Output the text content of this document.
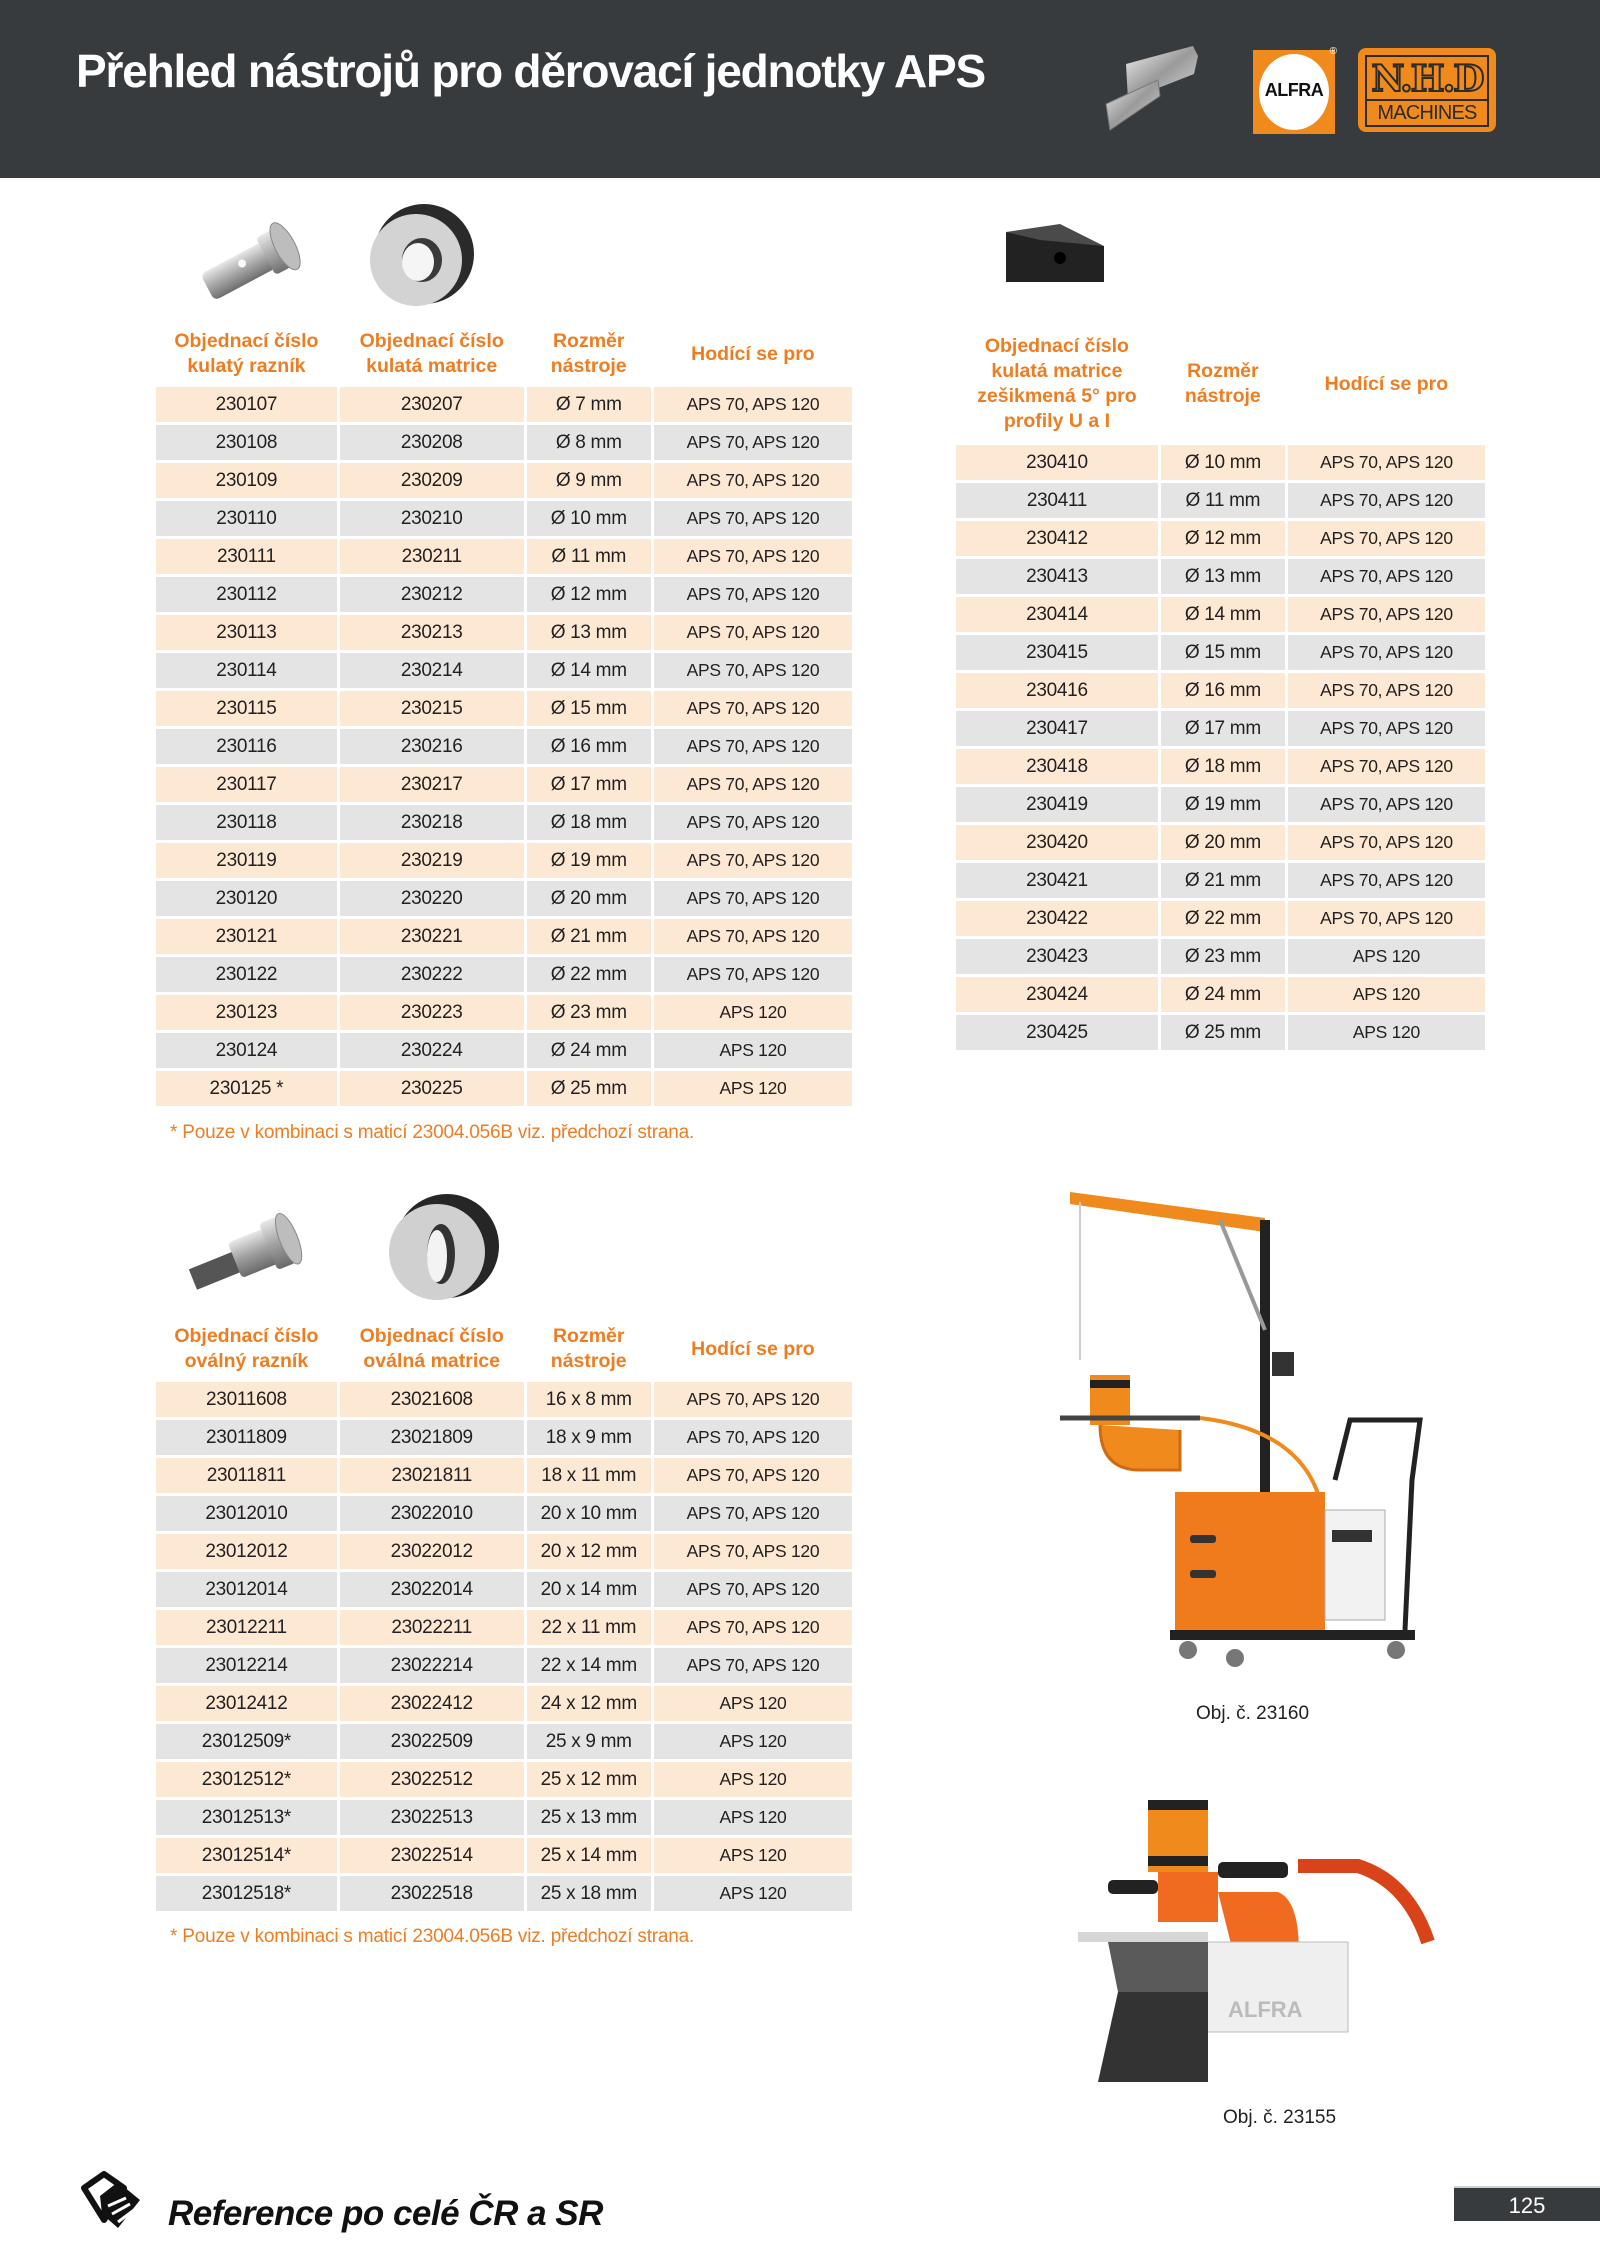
Přehled nástrojů pro děrovací jednotky APS	ALFRA
®
N.H.D
MACHINES
Objednací číslo
kulatý razník	Objednací číslo
kulatá matrice	Rozměr
nástroje	Hodící se pro
230107	230207	Ø 7 mm	APS 70, APS 120
230108	230208	Ø 8 mm	APS 70, APS 120
230109	230209	Ø 9 mm	APS 70, APS 120
230110	230210	Ø 10 mm	APS 70, APS 120
230111	230211	Ø 11 mm	APS 70, APS 120
230112	230212	Ø 12 mm	APS 70, APS 120
230113	230213	Ø 13 mm	APS 70, APS 120
230114	230214	Ø 14 mm	APS 70, APS 120
230115	230215	Ø 15 mm	APS 70, APS 120
230116	230216	Ø 16 mm	APS 70, APS 120
230117	230217	Ø 17 mm	APS 70, APS 120
230118	230218	Ø 18 mm	APS 70, APS 120
230119	230219	Ø 19 mm	APS 70, APS 120
230120	230220	Ø 20 mm	APS 70, APS 120
230121	230221	Ø 21 mm	APS 70, APS 120
230122	230222	Ø 22 mm	APS 70, APS 120
230123	230223	Ø 23 mm	APS 120
230124	230224	Ø 24 mm	APS 120
230125 *	230225	Ø 25 mm	APS 120
* Pouze v kombinaci s maticí 23004.056B viz. předchozí strana.
Objednací číslo
kulatá matrice
zešikmená 5° pro
profily U a I	Rozměr
nástroje	Hodící se pro
230410	Ø 10 mm	APS 70, APS 120
230411	Ø 11 mm	APS 70, APS 120
230412	Ø 12 mm	APS 70, APS 120
230413	Ø 13 mm	APS 70, APS 120
230414	Ø 14 mm	APS 70, APS 120
230415	Ø 15 mm	APS 70, APS 120
230416	Ø 16 mm	APS 70, APS 120
230417	Ø 17 mm	APS 70, APS 120
230418	Ø 18 mm	APS 70, APS 120
230419	Ø 19 mm	APS 70, APS 120
230420	Ø 20 mm	APS 70, APS 120
230421	Ø 21 mm	APS 70, APS 120
230422	Ø 22 mm	APS 70, APS 120
230423	Ø 23 mm	APS 120
230424	Ø 24 mm	APS 120
230425	Ø 25 mm	APS 120
Objednací číslo
oválný razník	Objednací číslo
oválná matrice	Rozměr
nástroje	Hodící se pro
23011608	23021608	16 x 8 mm	APS 70, APS 120
23011809	23021809	18 x 9 mm	APS 70, APS 120
23011811	23021811	18 x 11 mm	APS 70, APS 120
23012010	23022010	20 x 10 mm	APS 70, APS 120
23012012	23022012	20 x 12 mm	APS 70, APS 120
23012014	23022014	20 x 14 mm	APS 70, APS 120
23012211	23022211	22 x 11 mm	APS 70, APS 120
23012214	23022214	22 x 14 mm	APS 70, APS 120
23012412	23022412	24 x 12 mm	APS 120
23012509*	23022509	25 x 9 mm	APS 120
23012512*	23022512	25 x 12 mm	APS 120
23012513*	23022513	25 x 13 mm	APS 120
23012514*	23022514	25 x 14 mm	APS 120
23012518*	23022518	25 x 18 mm	APS 120
* Pouze v kombinaci s maticí 23004.056B viz. předchozí strana.
Obj. č. 23160
ALFRA
Obj. č. 23155
Reference po celé ČR a SR	125
